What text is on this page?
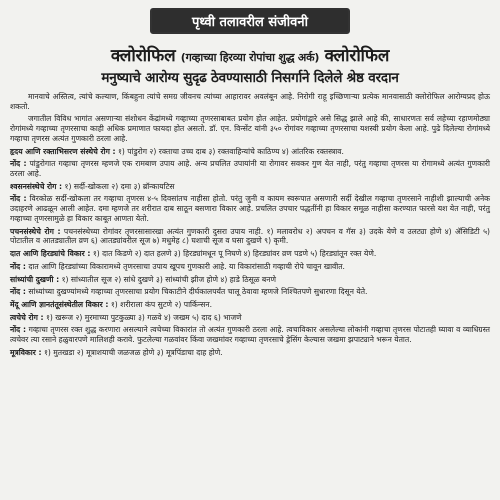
पृथ्वी तलावरील संजीवनी
क्लोरोफिल (गव्हाच्या हिरव्या रोपांचा शुद्ध अर्क) क्लोरोफिल
मनुष्याचे आरोग्य सुदृढ ठेवण्यासाठी निसर्गाने दिलेले श्रेष्ठ वरदान

मानवाचे अस्तित्व, त्यांचे कल्याण, किंबहुना त्यांचे समग्र जीवनच त्यांच्या आहारावर अवलंबून आहे. निरोगी राहू इच्छिणाऱ्या प्रत्येक मानवासाठी क्लोरोफिल आरोग्यप्रद होऊ शकतो.

जगातील विविध भागांत असणाऱ्या संशोधन केंद्रांमध्ये गव्हाच्या तृणरसाबाबत प्रयोग होत आहेत. प्रयोगांद्वारे असे सिद्ध झाले आहे की, साधारणतः सर्व लहेच्या रहाणमोठ्या रोगांमध्ये गव्हाच्या तृणरसाचा काही अधिक प्रमाणात फायदा होत असतो. डॉ. एन. विन्सेंट यांनी ३५० रोगांवर गव्हाच्या तृणरसाचा यशस्वी प्रयोग केला आहे. पुढे दिलेल्या रोगांमध्ये गव्हाचा तृणरस अत्यंत गुणकारी ठरला आहे.

हृदय आणि रक्ताभिसरण संस्थेचे रोग : १) पांडुरोग २) रक्ताचा उच्च दाब ३) रक्तवाहिन्यांचे काठिण्य ४) आंतरिक रक्तस्त्राव.

नोंद : पांडुरोगात गव्हाचा तृणरस म्हणजे एक रामबाण उपाय आहे. अन्य प्रचलित उपायांनी या रोगावर सवकर गुण येत नाही, परंतु गव्हाचा तृणरस या रोगामध्ये अत्यंत गुणकारी ठरला आहे.

श्वसनसंस्थेचे रोग : १) सर्दी-खोकला २) दमा ३) ब्रॉन्कायटिस

नोंद : विरकोळ सर्दी-खोकला तर गव्हाचा तृणरस ४-५ दिवसांतच नाहीसा होतो. परंतु जुनी व कायम स्वरूपात असणारी सर्दी देखील गव्हाचा तृणरसाने नाहीशी झाल्याची अनेक उदाहरणे आढळून आली आहेत. दमा म्हणजे तर शरीरात दाब साठून बसणारा विकार आहे. प्रचलित उपचार पद्धतींनी हा विकार समूळ नाहीसा करण्यात फारसे यश येत नाही, परंतु गव्हाच्या तृणरसामुळे हा विकार काबूत आणता येतो.

पचनसंस्थेचे रोग : पचनसंस्थेच्या रोगांवर तृणरसासारखा अत्यंत गुणकारी दुसरा उपाय नाही. १) मलावरोध २) अपचन व गॅस ३) उदके येणे व उलट्या होणे ४) ॲसिडिटी ५) पोटातील व आतड्यातील व्रण ६) आतड्यांवरील सूज ७) मधुमेह ८) घशाची सूज व घसा दुखणे ९) कृमी.

दात आणि हिरड्यांचे विकार : १) दात किडणे २) दात हलणे ३) हिरड्यांमधून पू निघणे ४) हिरड्यांवर व्रण पडणे ५) हिरड्यांतून रक्त येणे.

नोंद : दात आणि हिरड्यांच्या विकारामध्ये तृणरसाचा उपाय खूपच गुणकारी आहे. या विकारांसाठी गव्हाची रोपे चावून खावीत.

सांध्यांची दुखणी : १) सांध्यातील सूज २) सांधे दुखणे ३) सांध्यांची झीज होणे ४) हाडे ठिसूळ बनणे

नोंद : सांध्यांच्या दुखण्यांमध्ये गव्हाच्या तृणरसाचा प्रयोग चिकाटीने दीर्घकालपर्यंत चालू ठेवावा म्हणजे निश्चितपणे सुधारणा दिसून येते.

मेंदू आणि ज्ञानतंतूसंस्थेतील विकार : १) शरीराला कंप सुटणे २) पार्किन्सन.

त्वचेचे रोग : १) खरूज २) मुरमाच्या पुटकुळ्या ३) गळवे ४) जखम ५) दाद ६) भाजणे

नोंद : गव्हाचा तृणरस रक्त शुद्ध करणारा असल्याने त्वचेच्या विकारांत तो अत्यंत गुणकारी ठरला आहे. त्वचाविकार असलेल्या लोकांनी गव्हाचा तृणरस पोटातही घ्यावा व व्याधिग्रस्त त्वचेवर त्या रसाने हळुवारपणे मालिशही करावे. फुटलेल्या गळवांवर किंवा जखमांवर गव्हाच्या तृणरसाचे ड्रेसिंग केल्यास जखमा झपाट्याने भरून येतात.

मूत्रविकार : १) मुतखडा २) मूत्राशयाची जळजळ होणे ३) मूत्रपिंडाचा दाह होणे.
